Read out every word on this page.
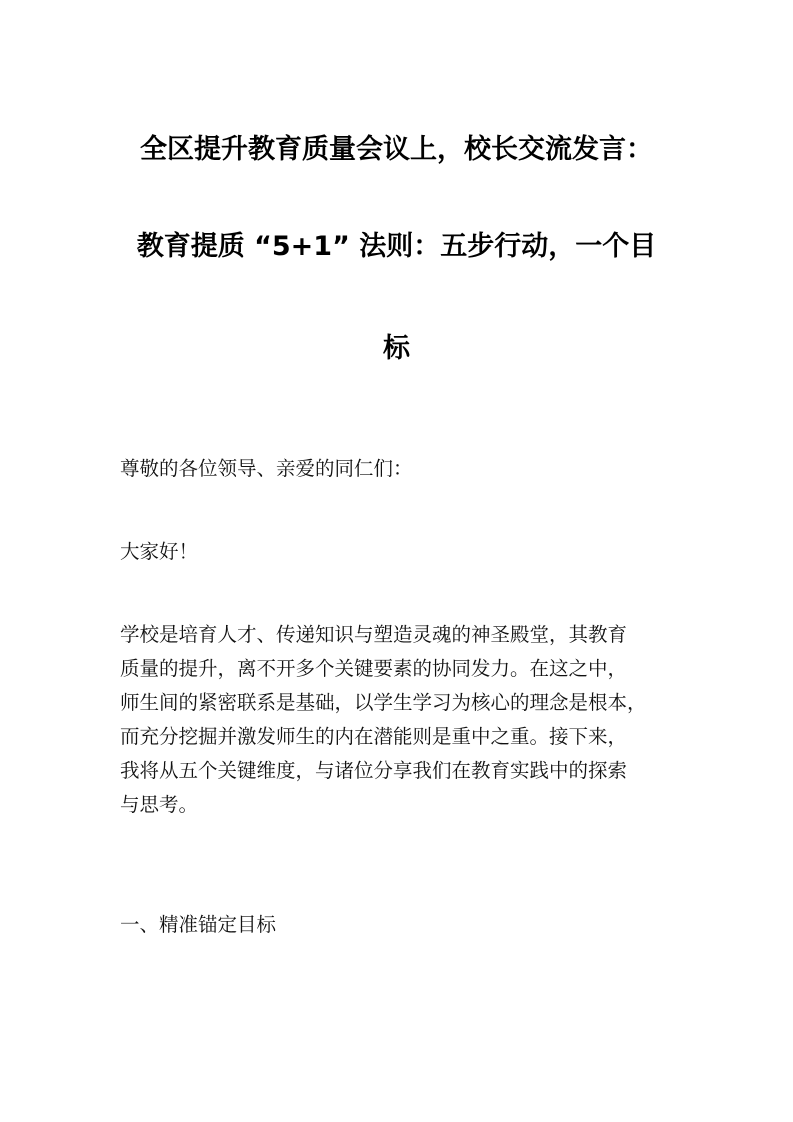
全区提升教育质量会议上，校长交流发言：
教育提质 “5+1” 法则：五步行动，一个目
标
尊敬的各位领导、亲爱的同仁们：
大家好！
学校是培育人才、传递知识与塑造灵魂的神圣殿堂，其教育
质量的提升，离不开多个关键要素的协同发力。在这之中，
师生间的紧密联系是基础，以学生学习为核心的理念是根本，
而充分挖掘并激发师生的内在潜能则是重中之重。接下来，
我将从五个关键维度，与诸位分享我们在教育实践中的探索
与思考。
一、精准锚定目标
